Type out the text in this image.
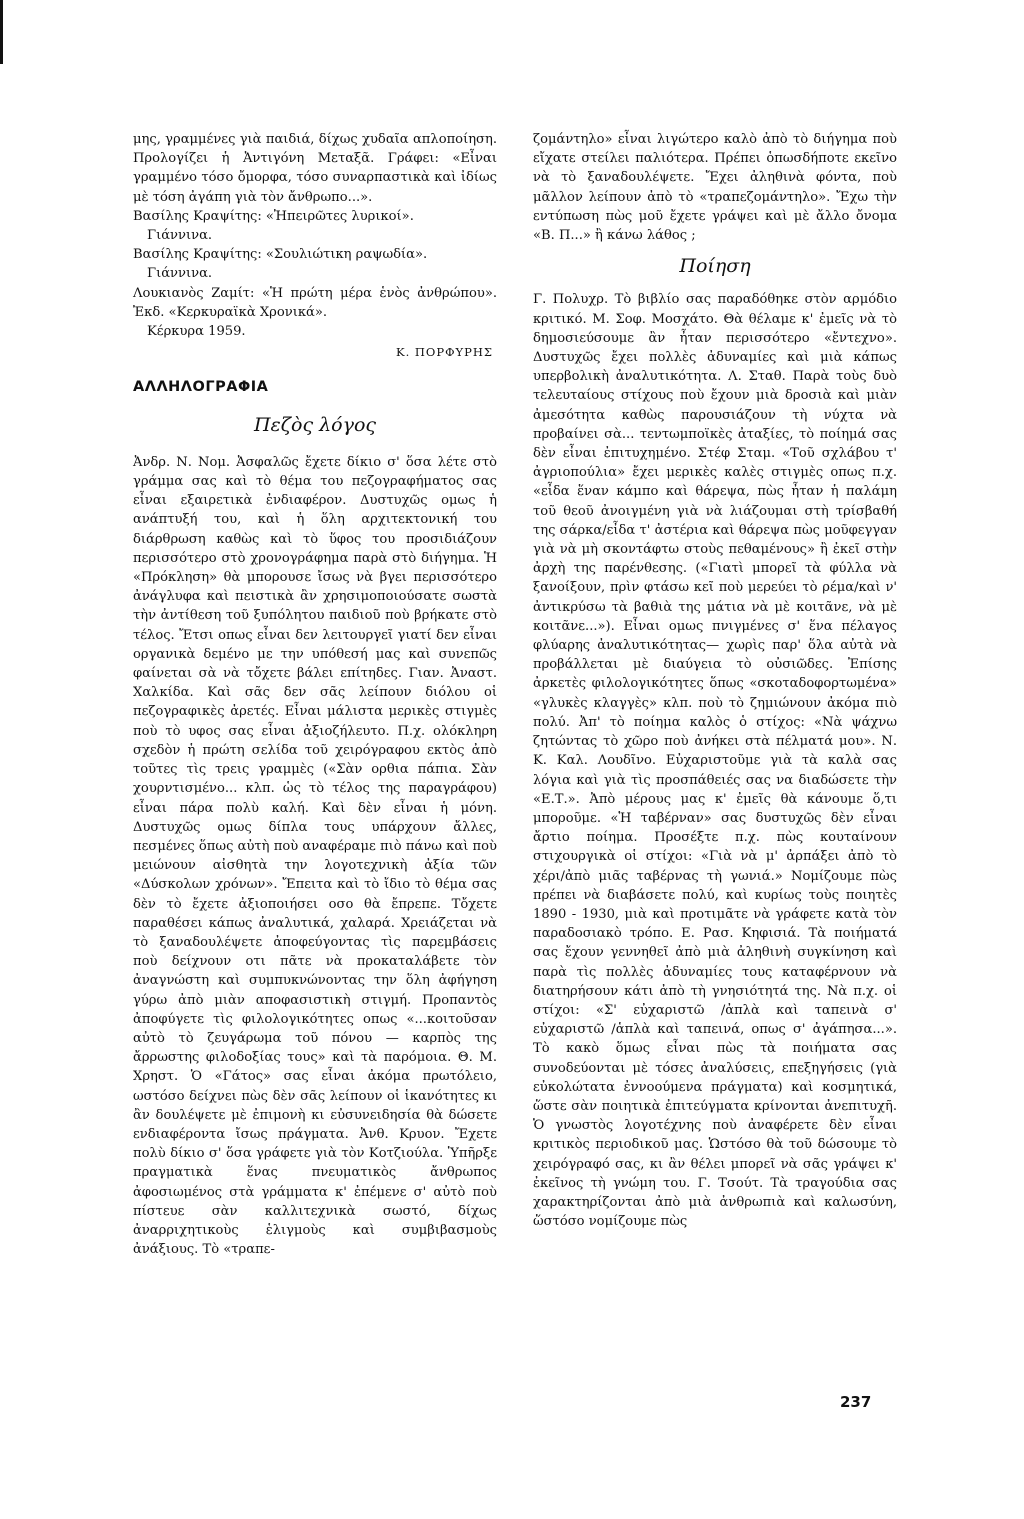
μης, γραμμένες γιὰ παιδιά, δίχως χυδαῖα απλοποίηση. Προλογίζει ἡ Ἀντιγόνη Μεταξᾶ. Γράφει: «Εἶναι γραμμένο τόσο ὄμορφα, τόσο συναρπαστικὰ καὶ ἰδίως μὲ τόση ἀγάπη γιὰ τὸν ἄνθρωπο...».

Βασίλης Κραψίτης: «Ἠπειρῶτες λυρικοί».

Γιάννινα.

Βασίλης Κραψίτης: «Σουλιώτικη ραψωδία».

Γιάννινα.

Λουκιανὸς Ζαμίτ: «Ἡ πρώτη μέρα ἑνὸς ἀνθρώπου». Ἐκδ. «Κερκυραϊκὰ Χρονικά».

Κέρκυρα 1959.

Κ. ΠΟΡΦΥΡΗΣ
ΑΛΛΗΛΟΓΡΑΦΙΑ
Πεζὸς λόγος

Ἀνδρ. Ν. Νομ. Ἀσφαλῶς ἔχετε δίκιο σ' ὅσα λέτε στὸ γράμμα σας καὶ τὸ θέμα του πεζογραφήματος σας εἶναι εξαιρετικὰ ἐνδιαφέρον. Δυστυχῶς ομως ἡ ανάπτυξή του, καὶ ἡ ὅλη αρχιτεκτονική του διάρθρωση καθὼς καὶ τὸ ὕφος του προσιδιάζουν περισσότερο στὸ χρονογράφημα παρὰ στὸ διήγημα. Ἡ «Πρόκληση» θὰ μπορουσε ἴσως νὰ βγει περισσότερο ἀνάγλυφα καὶ πειστικὰ ἂν χρησιμοποιούσατε σωστὰ τὴν ἀντίθεση τοῦ ξυπόλητου παιδιοῦ ποὺ βρήκατε στὸ τέλος. Ἔτσι οπως εἶναι δεν λειτουργεῖ γιατί δεν εἶναι οργανικὰ δεμένο με την υπόθεσή μας καὶ συνεπῶς φαίνεται σὰ νὰ τὄχετε βάλει επίτηδες. Γιαν. Ἀναστ. Χαλκίδα. Καὶ σᾶς δεν σᾶς λείπουν διόλου οἱ πεζογραφικὲς ἀρετές. Εἶναι μάλιστα μερικὲς στιγμὲς ποὺ τὸ υφος σας εἶναι ἀξιοζήλευτο. Π.χ. ολόκληρη σχεδὸν ἡ πρώτη σελίδα τοῦ χειρόγραφου εκτὸς ἀπὸ τοῦτες τὶς τρεις γραμμὲς («Σὰν ορθια πάπια. Σὰν χουρντισμένο... κλπ. ὡς τὸ τέλος της παραγράφου) εἶναι πάρα πολὺ καλή. Καὶ δὲν εἶναι ἡ μόνη. Δυστυχῶς ομως δίπλα τους υπάρχουν ἄλλες, πεσμένες ὅπως αὐτὴ ποὺ αναφέραμε πιὸ πάνω καὶ ποὺ μειώνουν αἰσθητὰ την λογοτεχνικὴ ἀξία τῶν «Δύσκολων χρόνων». Ἔπειτα καὶ τὸ ἴδιο τὸ θέμα σας δὲν τὸ ἔχετε ἀξιοποιήσει οσο θὰ ἔπρεπε. Τὄχετε παραθέσει κάπως ἀναλυτικά, χαλαρά. Χρειάζεται νὰ τὸ ξαναδουλέψετε ἀποφεύγοντας τὶς παρεμβάσεις ποὺ δείχνουν οτι πᾶτε νὰ προκαταλάβετε τὸν ἀναγνώστη καὶ συμπυκνώνοντας την ὅλη ἀφήγηση γύρω ἀπὸ μιὰν αποφασιστικὴ στιγμή. Προπαντὸς ἀποφύγετε τὶς φιλολογικότητες οπως «...κοιτοῦσαν αὐτὸ τὸ ζευγάρωμα τοῦ πόνου — καρπὸς της ἄρρωστης φιλοδοξίας τους» καὶ τὰ παρόμοια. Θ. Μ. Χρηστ. Ὁ «Γάτος» σας εἶναι ἀκόμα πρωτόλειο, ωστόσο δείχνει πὼς δὲν σᾶς λείπουν οἱ ἱκανότητες κι ἂν δουλέψετε μὲ ἐπιμονὴ κι εὐσυνειδησία θὰ δώσετε ενδιαφέροντα ἴσως πράγματα. Ἀνθ. Κρυον. Ἔχετε πολὺ δίκιο σ' ὅσα γράφετε γιὰ τὸν Κοτζιούλα. Ὑπῆρξε πραγματικὰ ἕνας πνευματικὸς ἄνθρωπος ἀφοσιωμένος στὰ γράμματα κ' ἐπέμενε σ' αὐτὸ ποὺ πίστευε σὰν καλλιτεχνικὰ σωστό, δίχως ἀναρριχητικοὺς ἑλιγμοὺς καὶ συμβιβασμοὺς ἀνάξιους. Τὸ «τραπε-

ζομάντηλο» εἶναι λιγώτερο καλὸ ἀπὸ τὸ διήγημα ποὺ εἴχατε στείλει παλιότερα. Πρέπει ὁπωσδήποτε εκεῖνο νὰ τὸ ξαναδουλέψετε. Ἔχει ἀληθινὰ φόντα, ποὺ μᾶλλον λείπουν ἀπὸ τὸ «τραπεζομάντηλο». Ἔχω τὴν εντύπωση πὼς μοῦ ἔχετε γράψει καὶ μὲ ἄλλο ὄνομα «Β. Π...» ἢ κάνω λάθος ;

Ποίηση

Γ. Πολυχρ. Τὸ βιβλίο σας παραδόθηκε στὸν αρμόδιο κριτικό. Μ. Σοφ. Μοσχάτο. Θὰ θέλαμε κ' ἐμεῖς νὰ τὸ δημοσιεύσουμε ἂν ἦταν περισσότερο «ἔντεχνο». Δυστυχῶς ἔχει πολλὲς ἀδυναμίες καὶ μιὰ κάπως υπερβολικὴ ἀναλυτικότητα. Λ. Σταθ. Παρὰ τοὺς δυὸ τελευταίους στίχους ποὺ ἔχουν μιὰ δροσιὰ καὶ μιὰν ἀμεσότητα καθὼς παρουσιάζουν τὴ νύχτα νὰ προβαίνει σὰ... τεντωμποϊκὲς ἀταξίες, τὸ ποίημά σας δὲν εἶναι ἐπιτυχημένο. Στέφ Σταμ. «Τοῦ σχλάβου τ' ἀγριοπούλια» ἔχει μερικὲς καλὲς στιγμὲς οπως π.χ. «εἶδα ἕναν κάμπο καὶ θάρεψα, πὼς ἦταν ἡ παλάμη τοῦ θεοῦ ἀνοιγμένη γιὰ νὰ λιάζουμαι στὴ τρίσβαθή της σάρκα/εἶδα τ' ἀστέρια καὶ θάρεψα πὼς μοῦφεγγαν γιὰ νὰ μὴ σκοντάφτω στοὺς πεθαμένους» ἢ ἐκεῖ στὴν ἀρχὴ της παρένθεσης. («Γιατὶ μπορεῖ τὰ φύλλα νὰ ξανοίξουν, πρὶν φτάσω κεῖ ποὺ μερεύει τὸ ρέμα/καὶ ν' ἀντικρύσω τὰ βαθιὰ της μάτια νὰ μὲ κοιτᾶνε, νὰ μὲ κοιτᾶνε...»). Εἶναι ομως πνιγμένες σ' ἕνα πέλαγος φλύαρης ἀναλυτικότητας— χωρὶς παρ' ὅλα αὐτὰ νὰ προβάλλεται μὲ διαύγεια τὸ οὐσιῶδες. Ἐπίσης ἀρκετὲς φιλολογικότητες ὅπως «σκοταδοφορτωμένα» «γλυκὲς κλαγγὲς» κλπ. ποὺ τὸ ζημιώνουν ἀκόμα πιὸ πολύ. Ἀπ' τὸ ποίημα καλὸς ὁ στίχος: «Νὰ ψάχνω ζητώντας τὸ χῶρο ποὺ ἀνήκει στὰ πέλματά μου». Ν. Κ. Καλ. Λουδῖνο. Εὐχαριστοῦμε γιὰ τὰ καλὰ σας λόγια καὶ γιὰ τὶς προσπάθειές σας να διαδώσετε τὴν «Ε.Τ.». Ἀπὸ μέρους μας κ' ἐμεῖς θὰ κάνουμε ὅ,τι μποροῦμε. «Ἡ ταβέρναν» σας δυστυχῶς δὲν εἶναι ἄρτιο ποίημα. Προσέξτε π.χ. πὼς κουταίνουν στιχουργικὰ οἱ στίχοι: «Γιὰ νὰ μ' ἀρπάξει ἀπὸ τὸ χέρι/ἀπὸ μιᾶς ταβέρνας τὴ γωνιά.» Νομίζουμε πὼς πρέπει νὰ διαβάσετε πολύ, καὶ κυρίως τοὺς ποιητὲς 1890 - 1930, μιὰ καὶ προτιμᾶτε νὰ γράφετε κατὰ τὸν παραδοσιακὸ τρόπο. Ε. Ρασ. Κηφισιά. Τὰ ποιήματά σας ἔχουν γεννηθεῖ ἀπὸ μιὰ ἀληθινὴ συγκίνηση καὶ παρὰ τὶς πολλὲς ἀδυναμίες τους καταφέρνουν νὰ διατηρήσουν κάτι ἀπὸ τὴ γνησιότητά της. Νὰ π.χ. οἱ στίχοι: «Σ' εὐχαριστῶ /ἀπλὰ καὶ ταπεινὰ σ' εὐχαριστῶ /ἁπλὰ καὶ ταπεινά, οπως σ' ἀγάπησα...». Τὸ κακὸ ὅμως εἶναι πὼς τὰ ποιήματα σας συνοδεύονται μὲ τόσες ἀναλύσεις, επεξηγήσεις (γιὰ εὐκολώτατα ἐννοούμενα πράγματα) καὶ κοσμητικά, ὥστε σὰν ποιητικὰ ἐπιτεύγματα κρίνονται ἀνεπιτυχῆ. Ὁ γνωστὸς λογοτέχνης ποὺ ἀναφέρετε δὲν εἶναι κριτικὸς περιοδικοῦ μας. Ὡστόσο θὰ τοῦ δώσουμε τὸ χειρόγραφό σας, κι ἂν θέλει μπορεῖ νὰ σᾶς γράψει κ' ἐκεῖνος τὴ γνώμη του. Γ. Τσούτ. Τὰ τραγούδια σας χαρακτηρίζονται ἀπὸ μιὰ ἀνθρωπιὰ καὶ καλωσύνη, ὥστόσο νομίζουμε πὼς

237
